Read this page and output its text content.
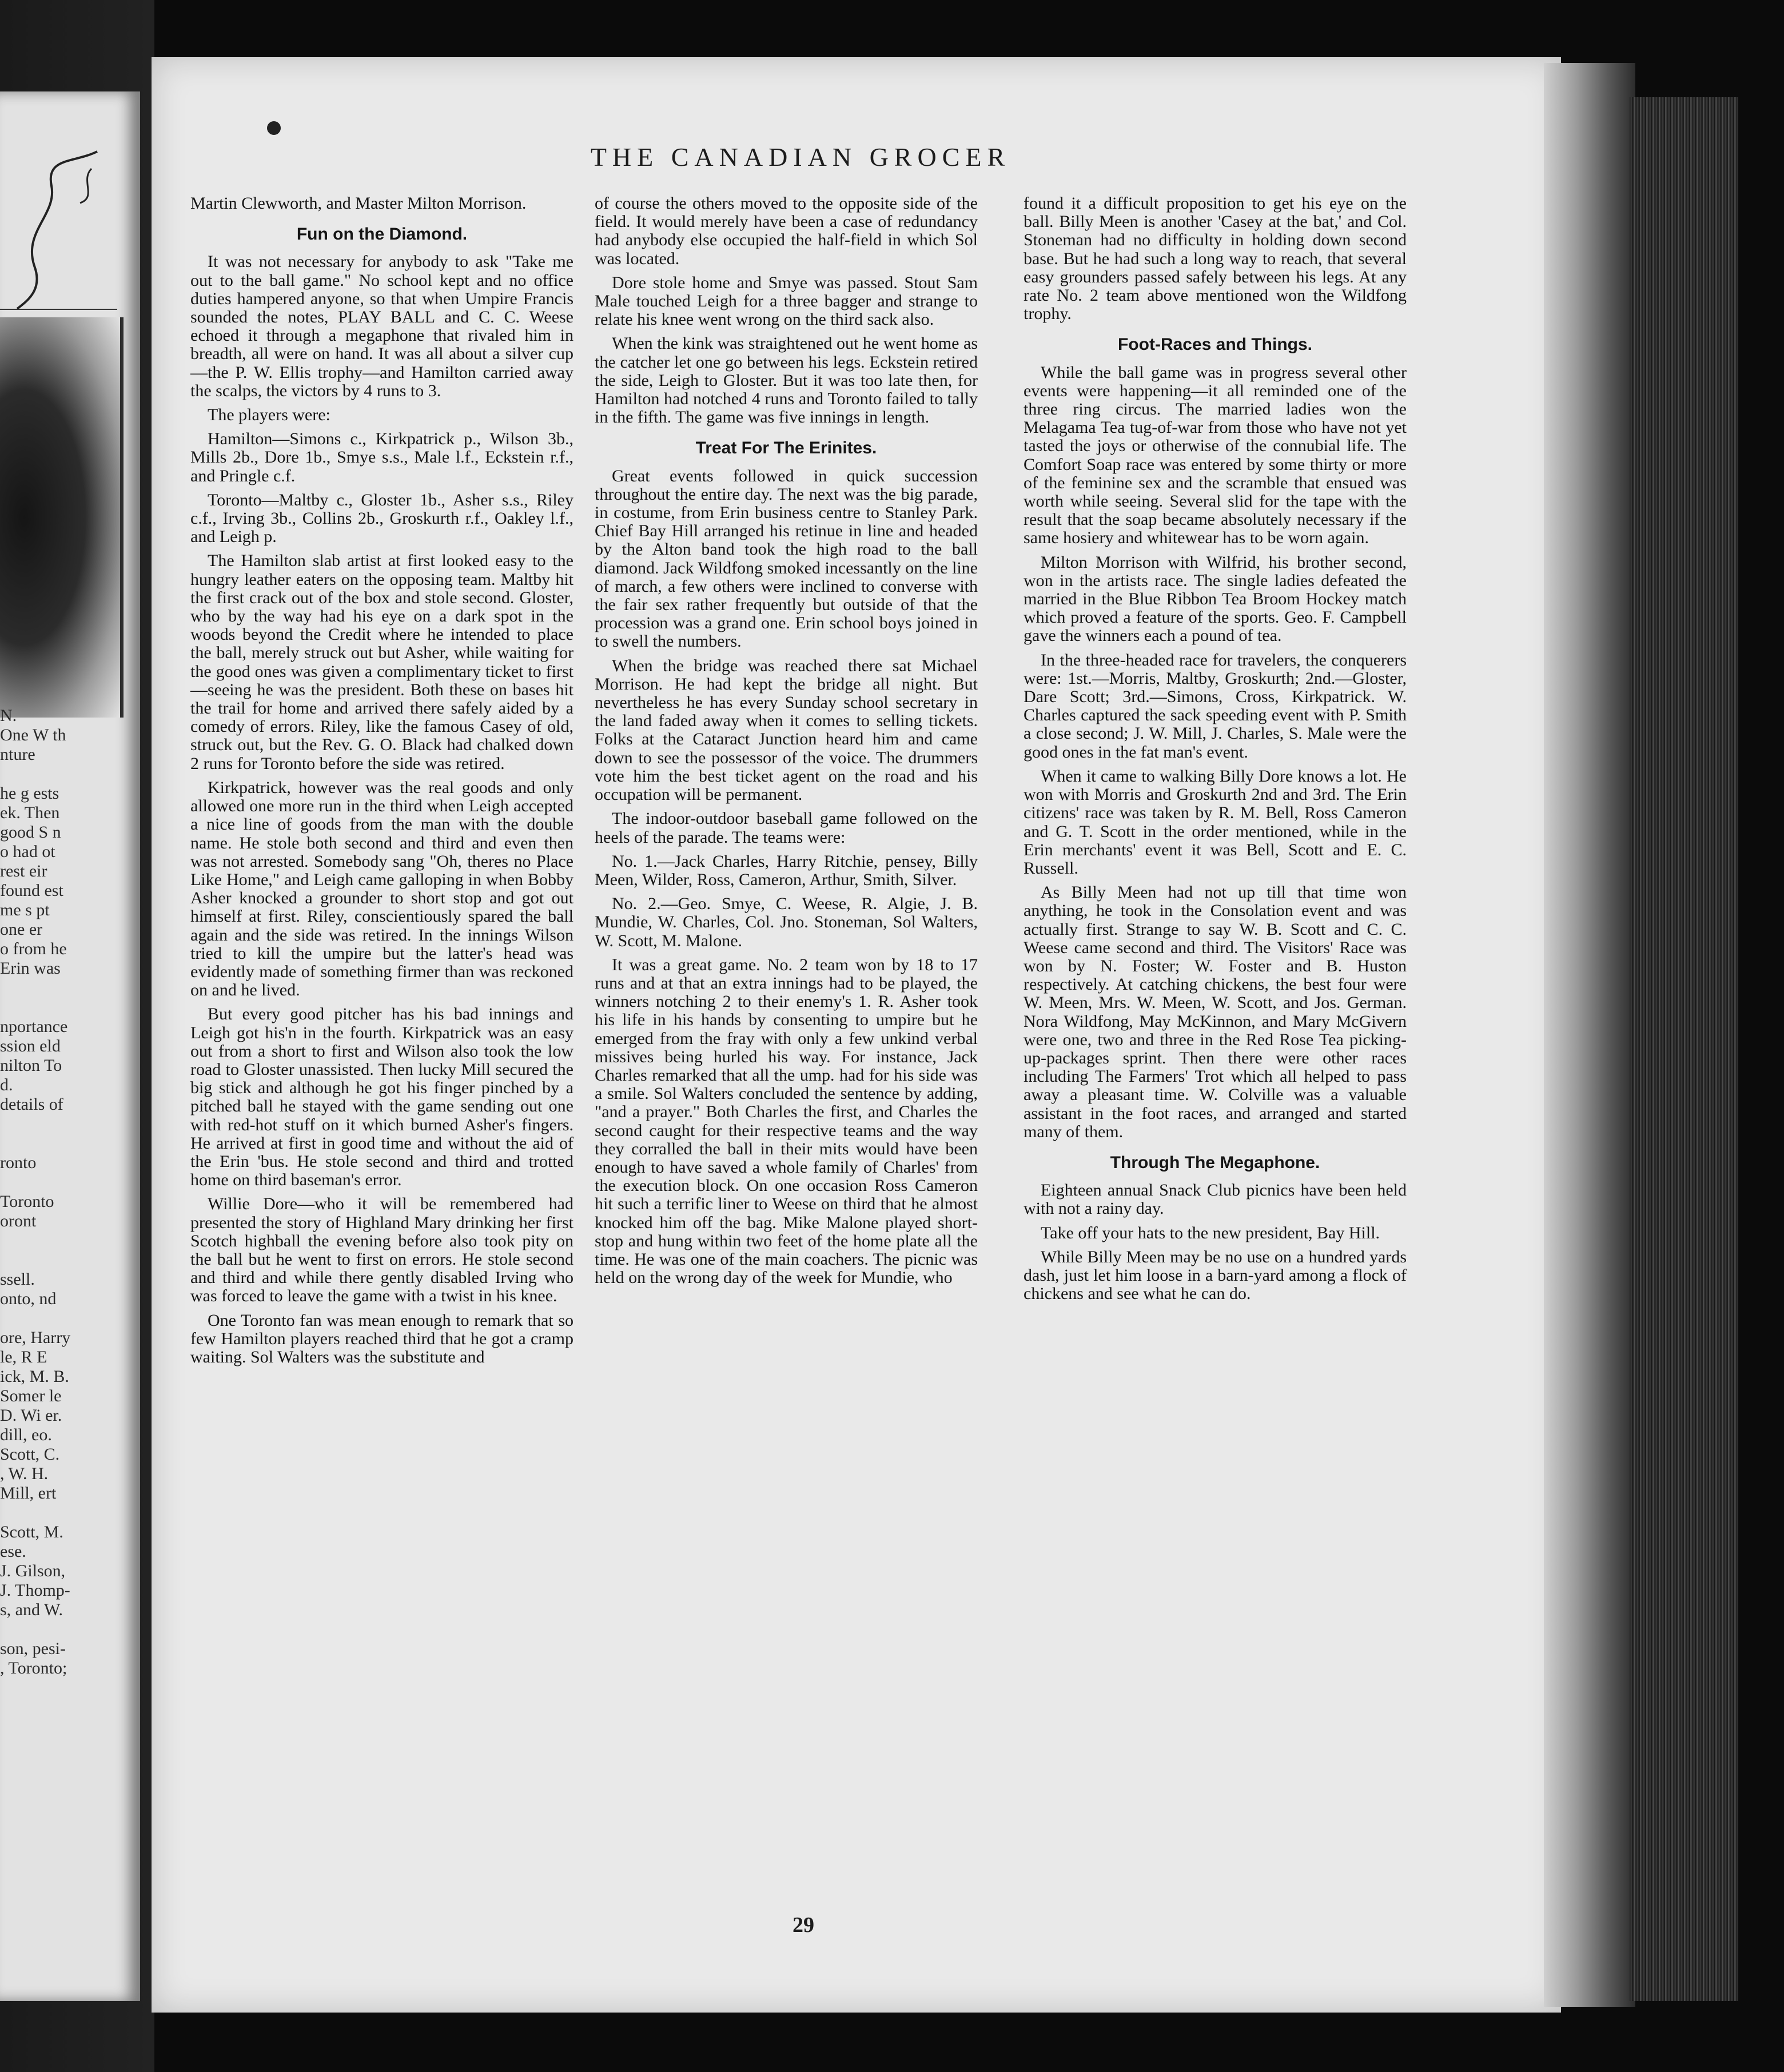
N.
One W th
nture
he g ests
ek. Then
good S n
o had ot
rest eir
found est
me s pt
one er
o from he
Erin was
nportance
ssion eld
nilton To
d.
details of
ronto
Toronto
oront
ssell.
onto, nd
ore, Harry
le, R E
ick, M. B.
Somer le
D. Wi er.
dill, eo.
Scott, C.
, W. H.
Mill, ert
Scott, M.
ese.
J. Gilson,
J. Thomp-
s, and W.
son, pesi-
, Toronto;
THE CANADIAN GROCER

Martin Clewworth, and Master Milton Morrison.

Fun on the Diamond.

It was not necessary for anybody to ask "Take me out to the ball game." No school kept and no office duties hampered anyone, so that when Umpire Francis sounded the notes, PLAY BALL and C. C. Weese echoed it through a megaphone that rivaled him in breadth, all were on hand. It was all about a silver cup—the P. W. Ellis trophy—and Hamilton carried away the scalps, the victors by 4 runs to 3.

The players were:

Hamilton—Simons c., Kirkpatrick p., Wilson 3b., Mills 2b., Dore 1b., Smye s.s., Male l.f., Eckstein r.f., and Pringle c.f.

Toronto—Maltby c., Gloster 1b., Asher s.s., Riley c.f., Irving 3b., Collins 2b., Groskurth r.f., Oakley l.f., and Leigh p.

The Hamilton slab artist at first looked easy to the hungry leather eaters on the opposing team. Maltby hit the first crack out of the box and stole second. Gloster, who by the way had his eye on a dark spot in the woods beyond the Credit where he intended to place the ball, merely struck out but Asher, while waiting for the good ones was given a complimentary ticket to first—seeing he was the president. Both these on bases hit the trail for home and arrived there safely aided by a comedy of errors. Riley, like the famous Casey of old, struck out, but the Rev. G. O. Black had chalked down 2 runs for Toronto before the side was retired.

Kirkpatrick, however was the real goods and only allowed one more run in the third when Leigh accepted a nice line of goods from the man with the double name. He stole both second and third and even then was not arrested. Somebody sang "Oh, theres no Place Like Home," and Leigh came galloping in when Bobby Asher knocked a grounder to short stop and got out himself at first. Riley, conscientiously spared the ball again and the side was retired. In the innings Wilson tried to kill the umpire but the latter's head was evidently made of something firmer than was reckoned on and he lived.

But every good pitcher has his bad innings and Leigh got his'n in the fourth. Kirkpatrick was an easy out from a short to first and Wilson also took the low road to Gloster unassisted. Then lucky Mill secured the big stick and although he got his finger pinched by a pitched ball he stayed with the game sending out one with red-hot stuff on it which burned Asher's fingers. He arrived at first in good time and without the aid of the Erin 'bus. He stole second and third and trotted home on third baseman's error.

Willie Dore—who it will be remembered had presented the story of Highland Mary drinking her first Scotch highball the evening before also took pity on the ball but he went to first on errors. He stole second and third and while there gently disabled Irving who was forced to leave the game with a twist in his knee.

One Toronto fan was mean enough to remark that so few Hamilton players reached third that he got a cramp waiting. Sol Walters was the substitute and

of course the others moved to the opposite side of the field. It would merely have been a case of redundancy had anybody else occupied the half-field in which Sol was located.

Dore stole home and Smye was passed. Stout Sam Male touched Leigh for a three bagger and strange to relate his knee went wrong on the third sack also.

When the kink was straightened out he went home as the catcher let one go between his legs. Eckstein retired the side, Leigh to Gloster. But it was too late then, for Hamilton had notched 4 runs and Toronto failed to tally in the fifth. The game was five innings in length.

Treat For The Erinites.

Great events followed in quick succession throughout the entire day. The next was the big parade, in costume, from Erin business centre to Stanley Park. Chief Bay Hill arranged his retinue in line and headed by the Alton band took the high road to the ball diamond. Jack Wildfong smoked incessantly on the line of march, a few others were inclined to converse with the fair sex rather frequently but outside of that the procession was a grand one. Erin school boys joined in to swell the numbers.

When the bridge was reached there sat Michael Morrison. He had kept the bridge all night. But nevertheless he has every Sunday school secretary in the land faded away when it comes to selling tickets. Folks at the Cataract Junction heard him and came down to see the possessor of the voice. The drummers vote him the best ticket agent on the road and his occupation will be permanent.

The indoor-outdoor baseball game followed on the heels of the parade. The teams were:

No. 1.—Jack Charles, Harry Ritchie, pensey, Billy Meen, Wilder, Ross, Cameron, Arthur, Smith, Silver.

No. 2.—Geo. Smye, C. Weese, R. Algie, J. B. Mundie, W. Charles, Col. Jno. Stoneman, Sol Walters, W. Scott, M. Malone.

It was a great game. No. 2 team won by 18 to 17 runs and at that an extra innings had to be played, the winners notching 2 to their enemy's 1. R. Asher took his life in his hands by consenting to umpire but he emerged from the fray with only a few unkind verbal missives being hurled his way. For instance, Jack Charles remarked that all the ump. had for his side was a smile. Sol Walters concluded the sentence by adding, "and a prayer." Both Charles the first, and Charles the second caught for their respective teams and the way they corralled the ball in their mits would have been enough to have saved a whole family of Charles' from the execution block. On one occasion Ross Cameron hit such a terrific liner to Weese on third that he almost knocked him off the bag. Mike Malone played short-stop and hung within two feet of the home plate all the time. He was one of the main coachers. The picnic was held on the wrong day of the week for Mundie, who

found it a difficult proposition to get his eye on the ball. Billy Meen is another 'Casey at the bat,' and Col. Stoneman had no difficulty in holding down second base. But he had such a long way to reach, that several easy grounders passed safely between his legs. At any rate No. 2 team above mentioned won the Wildfong trophy.

Foot-Races and Things.

While the ball game was in progress several other events were happening—it all reminded one of the three ring circus. The married ladies won the Melagama Tea tug-of-war from those who have not yet tasted the joys or otherwise of the connubial life. The Comfort Soap race was entered by some thirty or more of the feminine sex and the scramble that ensued was worth while seeing. Several slid for the tape with the result that the soap became absolutely necessary if the same hosiery and whitewear has to be worn again.

Milton Morrison with Wilfrid, his brother second, won in the artists race. The single ladies defeated the married in the Blue Ribbon Tea Broom Hockey match which proved a feature of the sports. Geo. F. Campbell gave the winners each a pound of tea.

In the three-headed race for travelers, the conquerers were: 1st.—Morris, Maltby, Groskurth; 2nd.—Gloster, Dare Scott; 3rd.—Simons, Cross, Kirkpatrick. W. Charles captured the sack speeding event with P. Smith a close second; J. W. Mill, J. Charles, S. Male were the good ones in the fat man's event.

When it came to walking Billy Dore knows a lot. He won with Morris and Groskurth 2nd and 3rd. The Erin citizens' race was taken by R. M. Bell, Ross Cameron and G. T. Scott in the order mentioned, while in the Erin merchants' event it was Bell, Scott and E. C. Russell.

As Billy Meen had not up till that time won anything, he took in the Consolation event and was actually first. Strange to say W. B. Scott and C. C. Weese came second and third. The Visitors' Race was won by N. Foster; W. Foster and B. Huston respectively. At catching chickens, the best four were W. Meen, Mrs. W. Meen, W. Scott, and Jos. German. Nora Wildfong, May McKinnon, and Mary McGivern were one, two and three in the Red Rose Tea picking-up-packages sprint. Then there were other races including The Farmers' Trot which all helped to pass away a pleasant time. W. Colville was a valuable assistant in the foot races, and arranged and started many of them.

Through The Megaphone.

Eighteen annual Snack Club picnics have been held with not a rainy day.

Take off your hats to the new president, Bay Hill.

While Billy Meen may be no use on a hundred yards dash, just let him loose in a barn-yard among a flock of chickens and see what he can do.

29
